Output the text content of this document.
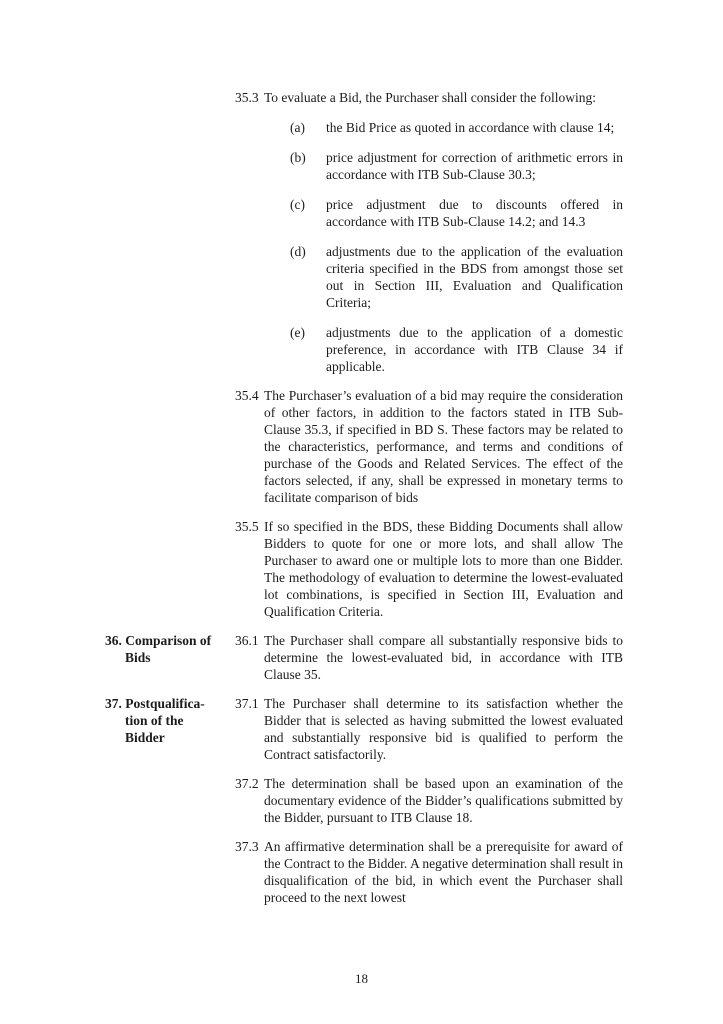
35.3 To evaluate a Bid, the Purchaser shall consider the following:

(a)	the Bid Price as quoted in accordance with clause 14;

(b)	price adjustment for correction of arithmetic errors in accordance with ITB Sub-Clause 30.3;

(c)	price adjustment due to discounts offered in accordance with ITB Sub-Clause 14.2; and 14.3

(d)	adjustments due to the application of the evaluation criteria specified in the BDS from amongst those set out in Section III, Evaluation and Qualification Criteria;

(e)	adjustments due to the application of a domestic preference, in accordance with ITB Clause 34 if applicable.

35.4 The Purchaser’s evaluation of a bid may require the consideration of other factors, in addition to the factors stated in ITB Sub-Clause 35.3, if specified in BD S. These factors may be related to the characteristics, performance, and terms and conditions of purchase of the Goods and Related Services. The effect of the factors selected, if any, shall be expressed in monetary terms to facilitate comparison of bids

35.5 If so specified in the BDS, these Bidding Documents shall allow Bidders to quote for one or more lots, and shall allow The Purchaser to award one or multiple lots to more than one Bidder. The methodology of evaluation to determine the lowest-evaluated lot combinations, is specified in Section III, Evaluation and Qualification Criteria.

36. Comparison of
Bids
36.1 The Purchaser shall compare all substantially responsive bids to determine the lowest-evaluated bid, in accordance with ITB Clause 35.

37. Postqualifica-
tion of the
Bidder
37.1 The Purchaser shall determine to its satisfaction whether the Bidder that is selected as having submitted the lowest evaluated and substantially responsive bid is qualified to perform the Contract satisfactorily.

37.2 The determination shall be based upon an examination of the documentary evidence of the Bidder’s qualifications submitted by the Bidder, pursuant to ITB Clause 18.

37.3 An affirmative determination shall be a prerequisite for award of the Contract to the Bidder. A negative determination shall result in disqualification of the bid, in which event the Purchaser shall proceed to the next lowest

18
